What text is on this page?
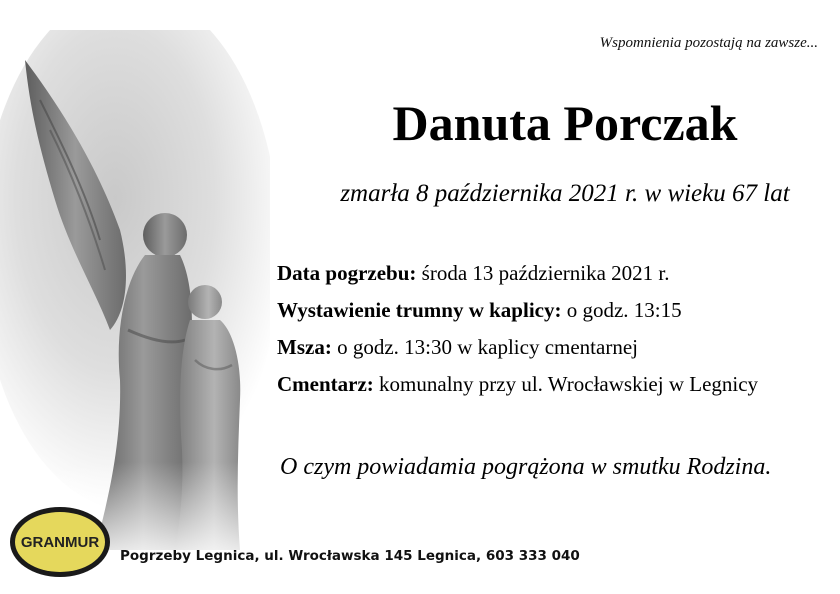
Wspomnienia pozostają na zawsze...
Danuta Porczak
zmarła 8 października 2021 r. w wieku 67 lat
Data pogrzebu: środa 13 października 2021 r.
Wystawienie trumny w kaplicy: o godz. 13:15
Msza: o godz. 13:30 w kaplicy cmentarnej
Cmentarz: komunalny przy ul. Wrocławskiej w Legnicy
O czym powiadamia pogrążona w smutku Rodzina.
GRANMUR
Pogrzeby Legnica, ul. Wrocławska 145 Legnica, 603 333 040
